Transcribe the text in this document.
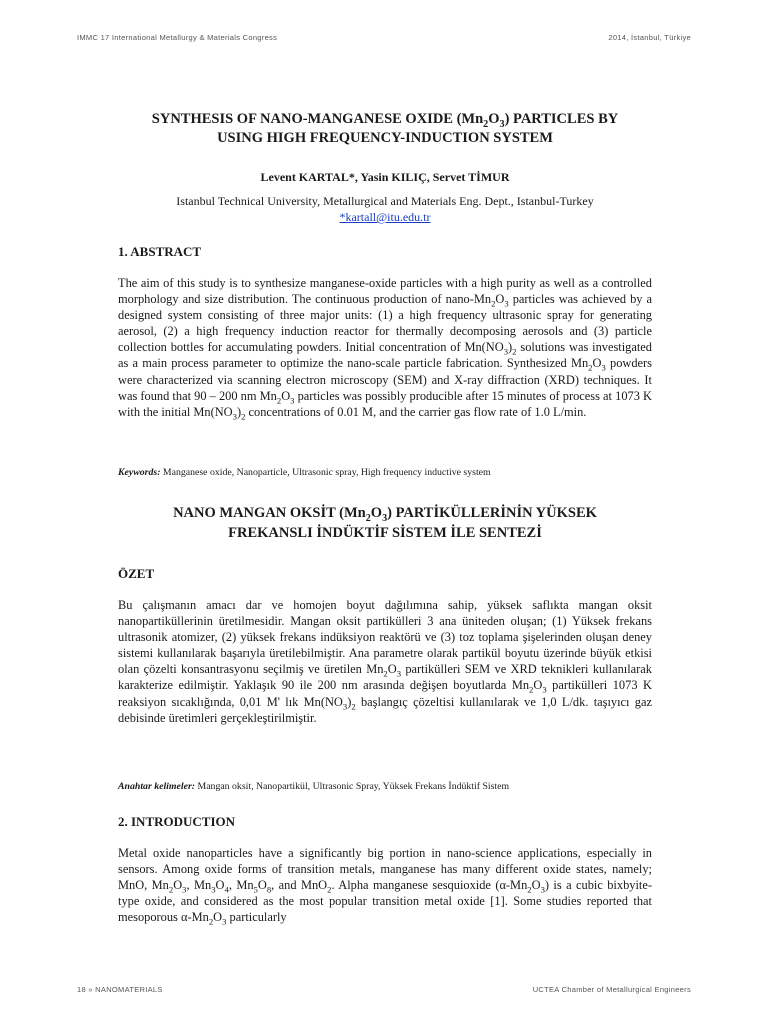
IMMC 17 International Metallurgy & Materials Congress	2014, İstanbul, Türkiye
SYNTHESIS OF NANO-MANGANESE OXIDE $(Mn_2O_3)$ PARTICLES BY
USING HIGH FREQUENCY-INDUCTION SYSTEM
Levent KARTAL*, Yasin KILIÇ, Servet TİMUR
Istanbul Technical University, Metallurgical and Materials Eng. Dept., Istanbul-Turkey
*kartall@itu.edu.tr
1. ABSTRACT
The aim of this study is to synthesize manganese-oxide particles with a high purity as well as a controlled morphology and size distribution. The continuous production of nano-$Mn_2O_3$ particles was achieved by a designed system consisting of three major units: (1) a high frequency ultrasonic spray for generating aerosol, (2) a high frequency induction reactor for thermally decomposing aerosols and (3) particle collection bottles for accumulating powders. Initial concentration of $Mn(NO_3)_2$ solutions was investigated as a main process parameter to optimize the nano-scale particle fabrication. Synthesized $Mn_2O_3$ powders were characterized via scanning electron microscopy (SEM) and X-ray diffraction (XRD) techniques. It was found that 90 – 200 nm $Mn_2O_3$ particles was possibly producible after 15 minutes of process at 1073 K with the initial $Mn(NO_3)_2$ concentrations of 0.01 M, and the carrier gas flow rate of 1.0 L/min.
Keywords: Manganese oxide, Nanoparticle, Ultrasonic spray, High frequency inductive system
NANO MANGAN OKSİT $(Mn_2O_3)$ PARTİKÜLLERİNİN YÜKSEK
FREKANSLI İNDÜKTİF SİSTEM İLE SENTEZİ
ÖZET
Bu çalışmanın amacı dar ve homojen boyut dağılımına sahip, yüksek saflıkta mangan oksit nanopartiküllerinin üretilmesidir. Mangan oksit partikülleri 3 ana üniteden oluşan; (1) Yüksek frekans ultrasonik atomizer, (2) yüksek frekans indüksiyon reaktörü ve (3) toz toplama şişelerinden oluşan deney sistemi kullanılarak başarıyla üretilebilmiştir. Ana parametre olarak partikül boyutu üzerinde büyük etkisi olan çözelti konsantrasyonu seçilmiş ve üretilen $Mn_2O_3$ partikülleri SEM ve XRD teknikleri kullanılarak karakterize edilmiştir. Yaklaşık 90 ile 200 nm arasında değişen boyutlarda $Mn_2O_3$ partikülleri 1073 K reaksiyon sıcaklığında, 0,01 M' lık $Mn(NO_3)_2$ başlangıç çözeltisi kullanılarak ve 1,0 L/dk. taşıyıcı gaz debisinde üretimleri gerçekleştirilmiştir.
Anahtar kelimeler: Mangan oksit, Nanopartikül, Ultrasonic Spray, Yüksek Frekans İndüktif Sistem
2. INTRODUCTION
Metal oxide nanoparticles have a significantly big portion in nano-science applications, especially in sensors. Among oxide forms of transition metals, manganese has many different oxide states, namely; MnO, $Mn_2O_3$, $Mn_3O_4$, $Mn_5O_8$, and MnO$_2$. Alpha manganese sesquioxide $(\alpha-Mn_2O_3)$ is a cubic bixbyite-type oxide, and considered as the most popular transition metal oxide [1]. Some studies reported that mesoporous $\alpha-Mn_2O_3$ particularly
18 » NANOMATERIALS	UCTEA Chamber of Metallurgical Engineers
